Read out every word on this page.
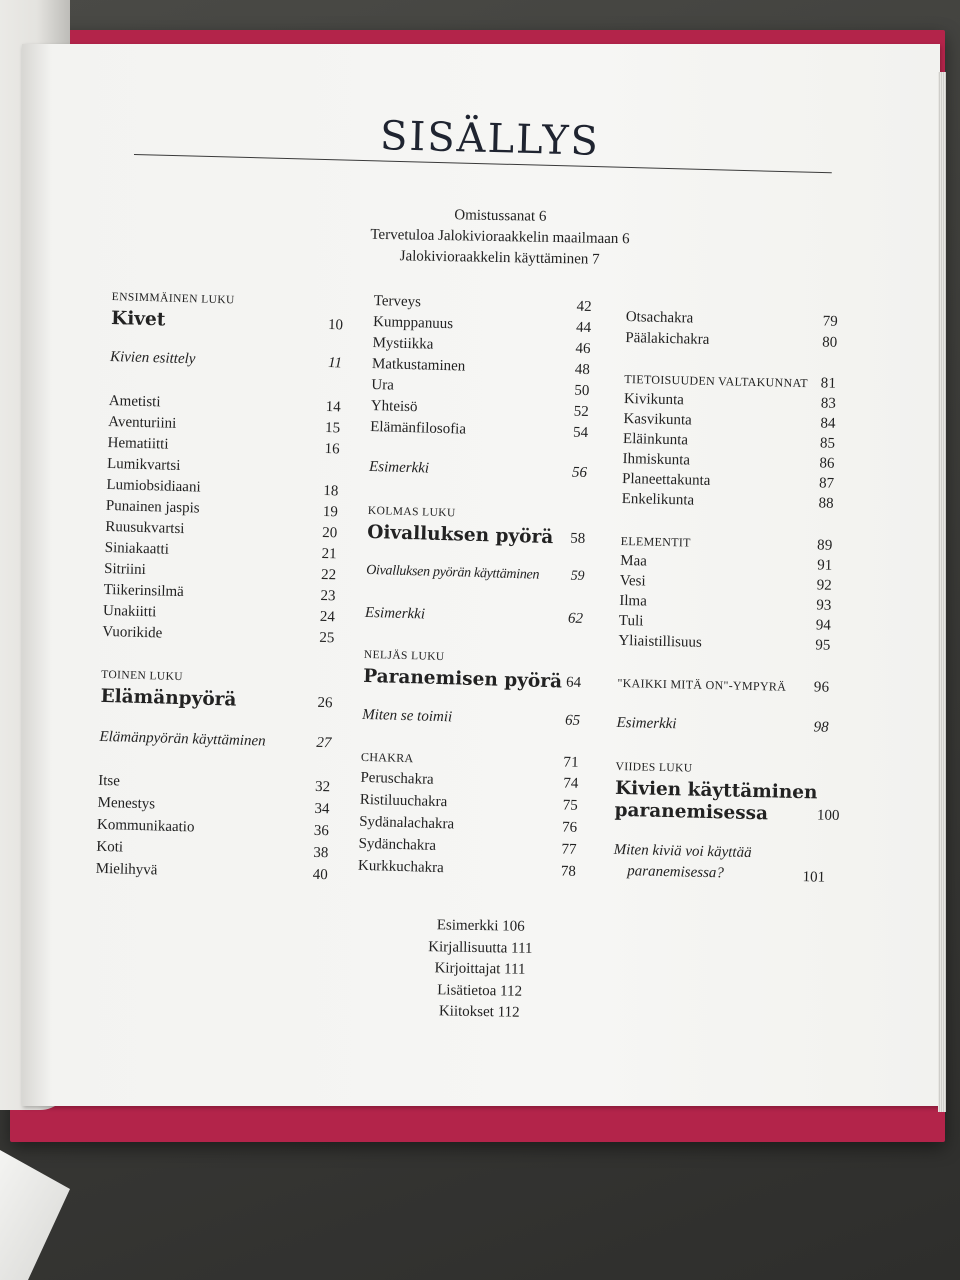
SISÄLLYS
Omistussanat 6
Tervetuloa Jalokivioraakkelin maailmaan 6
Jalokivioraakkelin käyttäminen 7
ENSIMMÄINEN LUKU
Kivet	10
Kivien esittely	11
Ametisti	14
Aventuriini	15
Hematiitti	16
Lumikvartsi
Lumiobsidiaani	18
Punainen jaspis	19
Ruusukvartsi	20
Siniakaatti	21
Sitriini	22
Tiikerinsilmä	23
Unakiitti	24
Vuorikide	25
TOINEN LUKU
Elämänpyörä	26
Elämänpyörän käyttäminen	27
Itse	32
Menestys	34
Kommunikaatio	36
Koti	38
Mielihyvä	40
Terveys	42
Kumppanuus	44
Mystiikka	46
Matkustaminen	48
Ura	50
Yhteisö	52
Elämänfilosofia	54
Esimerkki	56
KOLMAS LUKU
Oivalluksen pyörä 58
Oivalluksen pyörän käyttäminen 59
Esimerkki	62
NELJÄS LUKU
Paranemisen pyörä 64
Miten se toimii	65
CHAKRA	71
Peruschakra	74
Ristiluuchakra	75
Sydänalachakra	76
Sydänchakra	77
Kurkkuchakra	78
Otsachakra	79
Päälakichakra	80
TIETOISUUDEN VALTAKUNNAT 81
Kivikunta	83
Kasvikunta	84
Eläinkunta	85
Ihmiskunta	86
Planeettakunta	87
Enkelikunta	88
ELEMENTIT	89
Maa	91
Vesi	92
Ilma	93
Tuli	94
Yliaistillisuus	95
"KAIKKI MITÄ ON"-YMPYRÄ 96
Esimerkki	98
VIIDES LUKU
Kivien käyttäminen
paranemisessa	100
Miten kiviä voi käyttää
paranemisessa?	101
Esimerkki 106
Kirjallisuutta 111
Kirjoittajat 111
Lisätietoa 112
Kiitokset 112
